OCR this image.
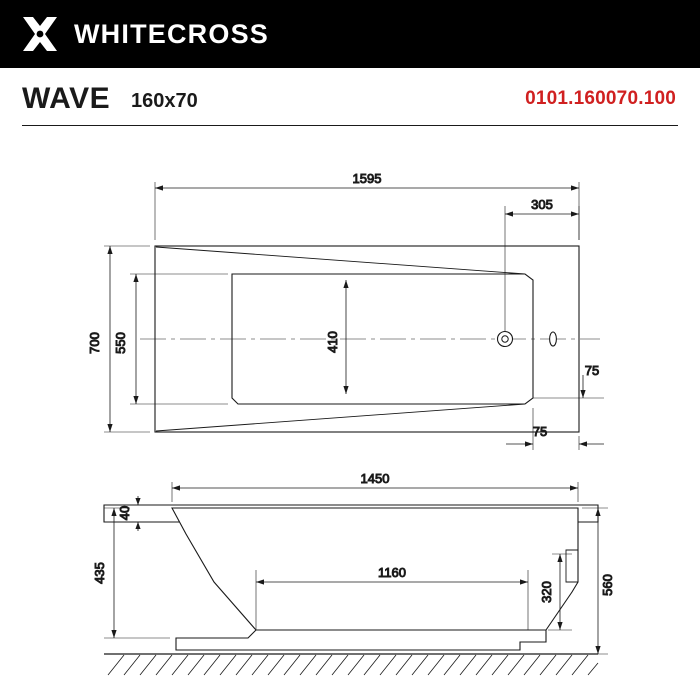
WHITECROSS
WAVE 160x70	0101.160070.100
1595
305
700 550	410
75
75
1450
40
435	1160
320	560
